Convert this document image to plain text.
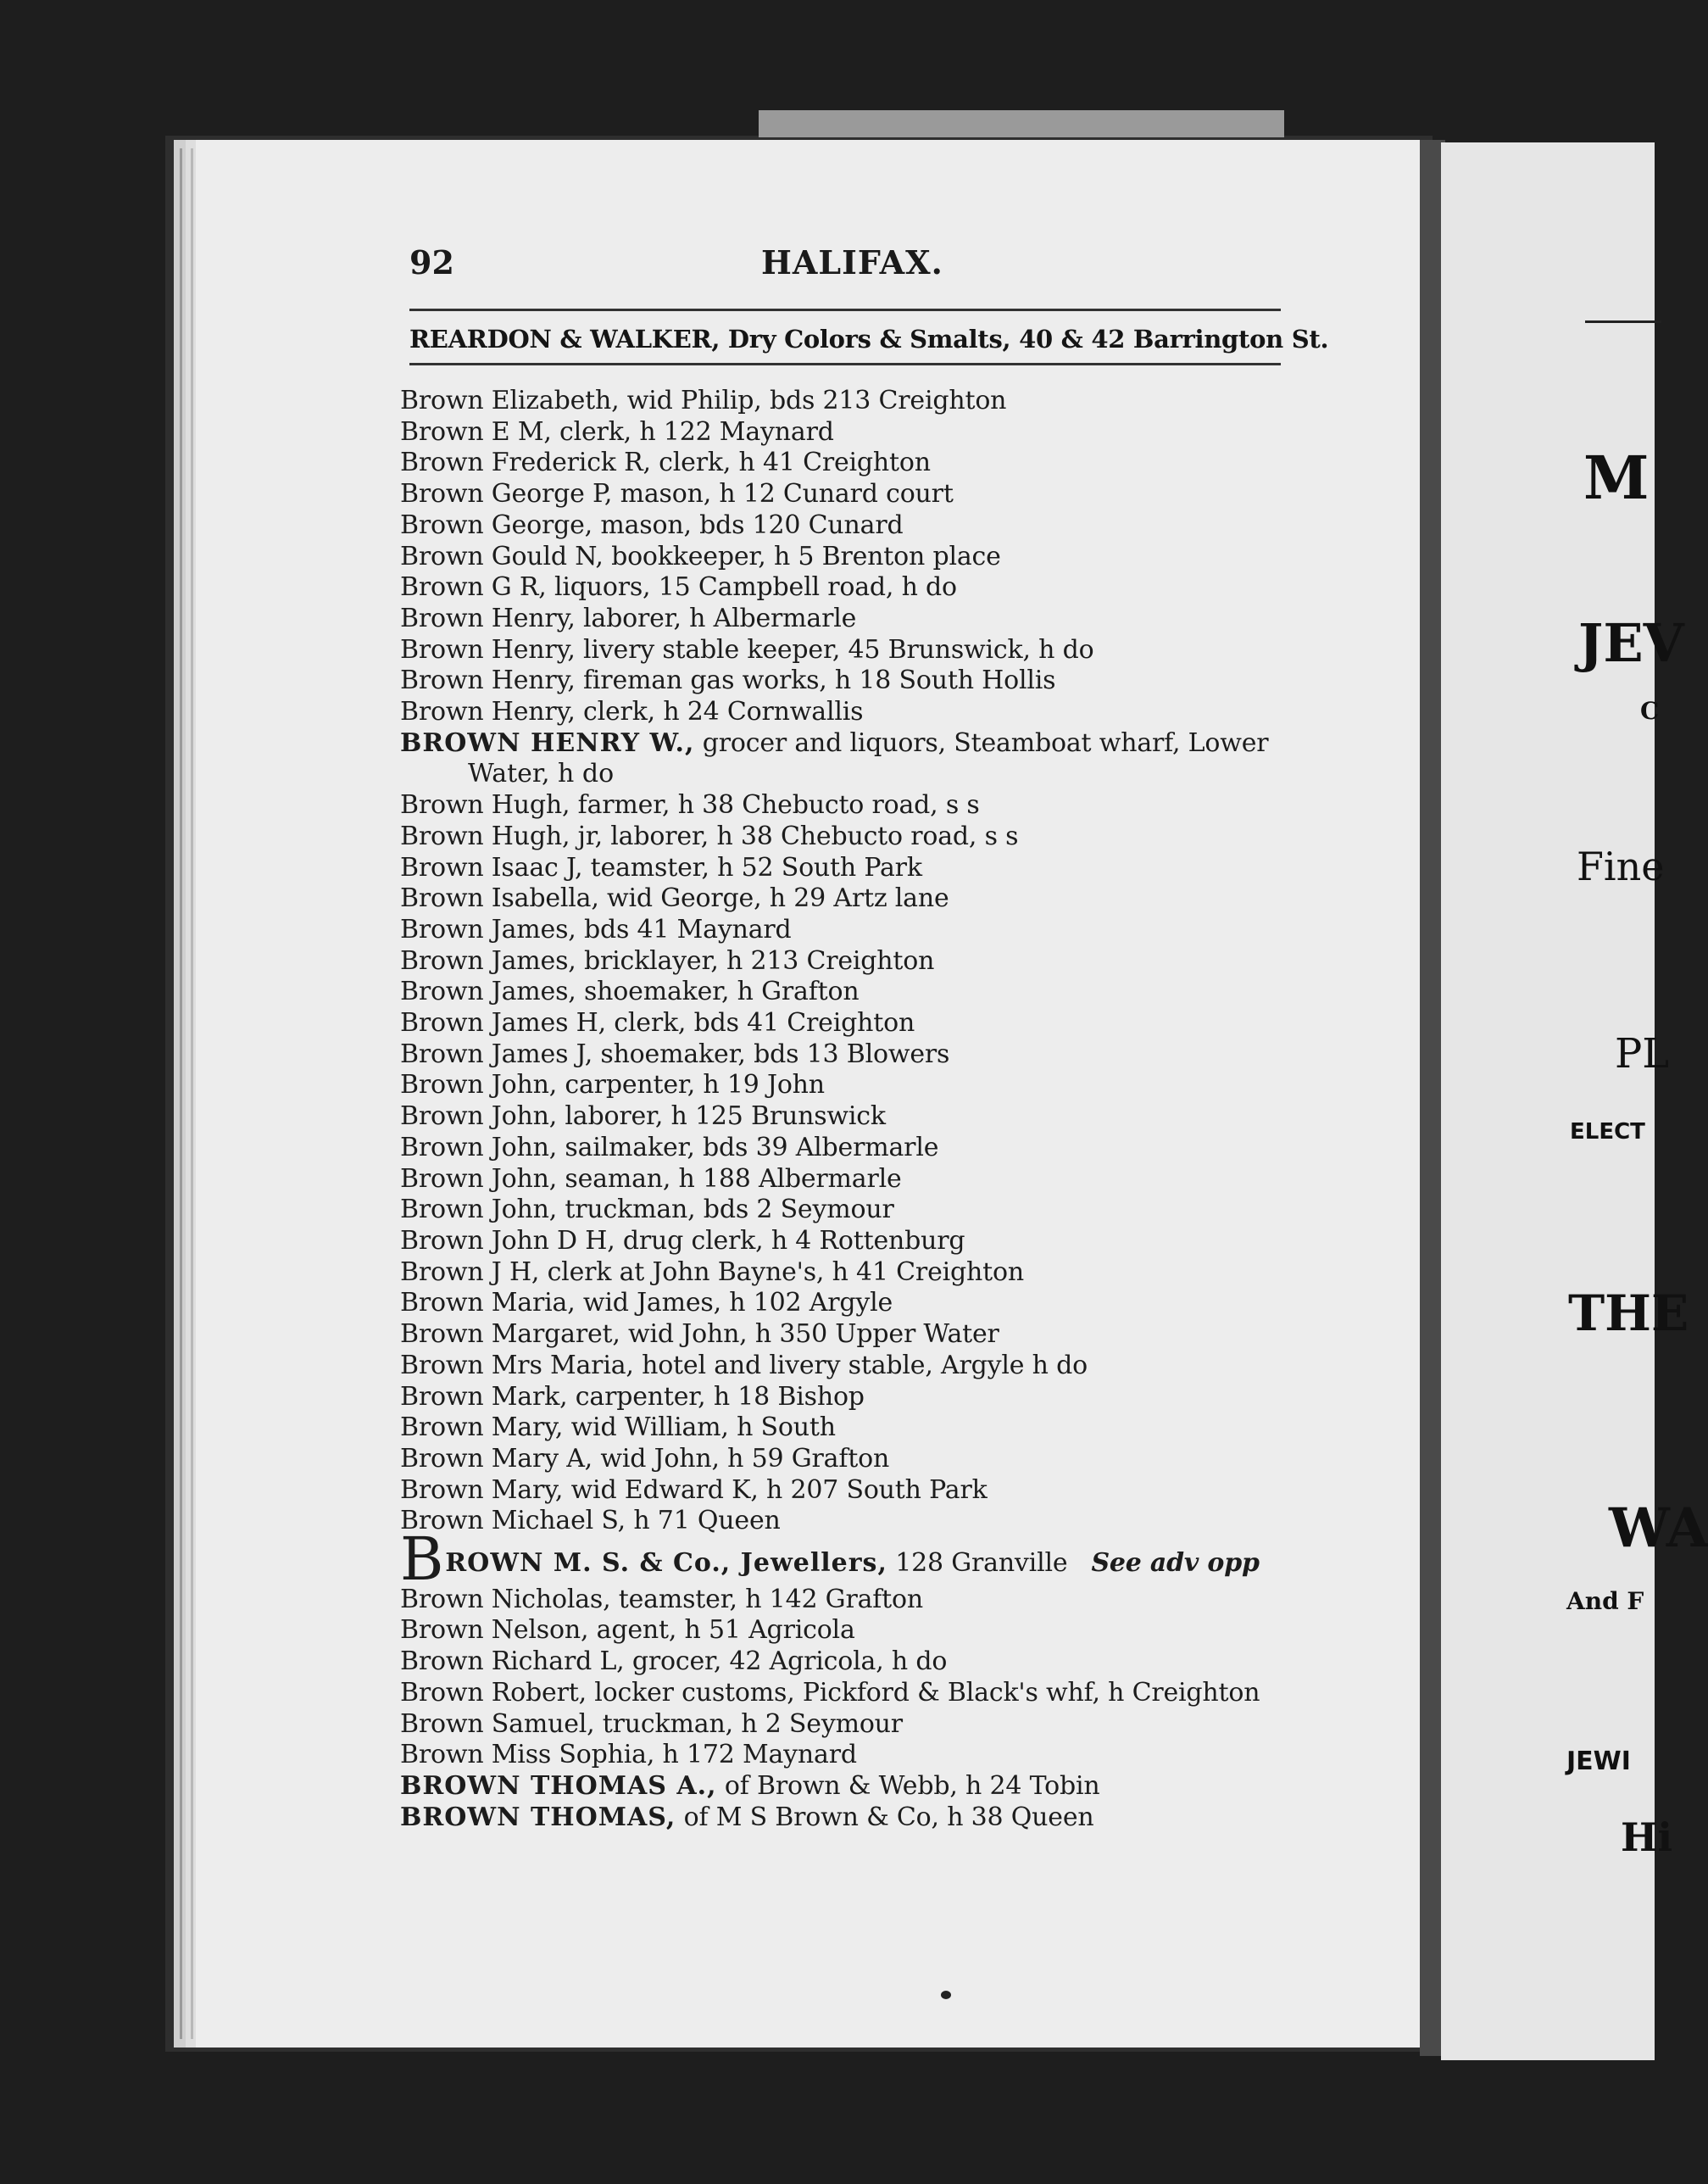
92	HALIFAX.
REARDON & WALKER, Dry Colors & Smalts, 40 & 42 Barrington St.
Brown Elizabeth, wid Philip, bds 213 Creighton
Brown E M, clerk, h 122 Maynard
Brown Frederick R, clerk, h 41 Creighton
Brown George P, mason, h 12 Cunard court
Brown George, mason, bds 120 Cunard
Brown Gould N, bookkeeper, h 5 Brenton place
Brown G R, liquors, 15 Campbell road, h do
Brown Henry, laborer, h Albermarle
Brown Henry, livery stable keeper, 45 Brunswick, h do
Brown Henry, fireman gas works, h 18 South Hollis
Brown Henry, clerk, h 24 Cornwallis
BROWN HENRY W., grocer and liquors, Steamboat wharf, Lower
Water, h do
Brown Hugh, farmer, h 38 Chebucto road, s s
Brown Hugh, jr, laborer, h 38 Chebucto road, s s
Brown Isaac J, teamster, h 52 South Park
Brown Isabella, wid George, h 29 Artz lane
Brown James, bds 41 Maynard
Brown James, bricklayer, h 213 Creighton
Brown James, shoemaker, h Grafton
Brown James H, clerk, bds 41 Creighton
Brown James J, shoemaker, bds 13 Blowers
Brown John, carpenter, h 19 John
Brown John, laborer, h 125 Brunswick
Brown John, sailmaker, bds 39 Albermarle
Brown John, seaman, h 188 Albermarle
Brown John, truckman, bds 2 Seymour
Brown John D H, drug clerk, h 4 Rottenburg
Brown J H, clerk at John Bayne's, h 41 Creighton
Brown Maria, wid James, h 102 Argyle
Brown Margaret, wid John, h 350 Upper Water
Brown Mrs Maria, hotel and livery stable, Argyle h do
Brown Mark, carpenter, h 18 Bishop
Brown Mary, wid William, h South
Brown Mary A, wid John, h 59 Grafton
Brown Mary, wid Edward K, h 207 South Park
Brown Michael S, h 71 Queen
BROWN M. S. & Co., Jewellers, 128 Granville See adv opp
Brown Nicholas, teamster, h 142 Grafton
Brown Nelson, agent, h 51 Agricola
Brown Richard L, grocer, 42 Agricola, h do
Brown Robert, locker customs, Pickford & Black's whf, h Creighton
Brown Samuel, truckman, h 2 Seymour
Brown Miss Sophia, h 172 Maynard
BROWN THOMAS A., of Brown & Webb, h 24 Tobin
BROWN THOMAS, of M S Brown & Co, h 38 Queen
M
JEV
C
Fine
PL
ELECT
THE
WA
And F
JEWI
Hi
